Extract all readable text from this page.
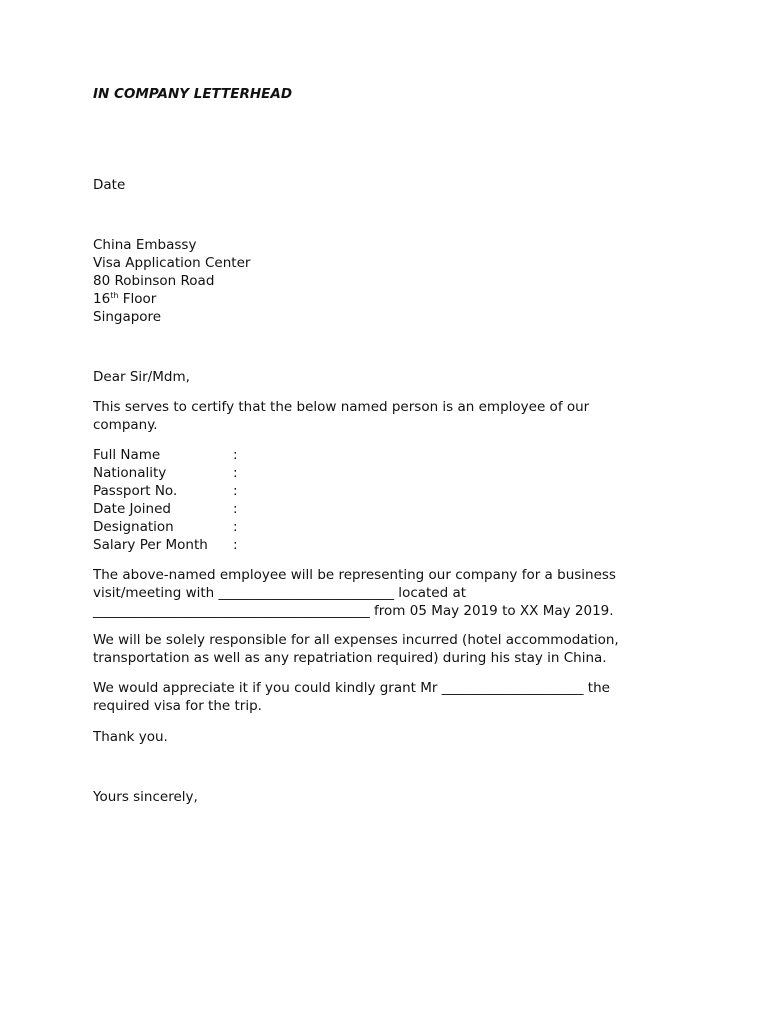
IN COMPANY LETTERHEAD
Date
China Embassy
Visa Application Center
80 Robinson Road
16th Floor
Singapore
Dear Sir/Mdm,
This serves to certify that the below named person is an employee of our
company.
Full Name	:
Nationality	:
Passport No.	:
Date Joined	:
Designation	:
Salary Per Month	:
The above-named employee will be representing our company for a business
visit/meeting with __________________________ located at
_________________________________________ from 05 May 2019 to XX May 2019.
We will be solely responsible for all expenses incurred (hotel accommodation,
transportation as well as any repatriation required) during his stay in China.
We would appreciate it if you could kindly grant Mr _____________________ the
required visa for the trip.
Thank you.
Yours sincerely,
